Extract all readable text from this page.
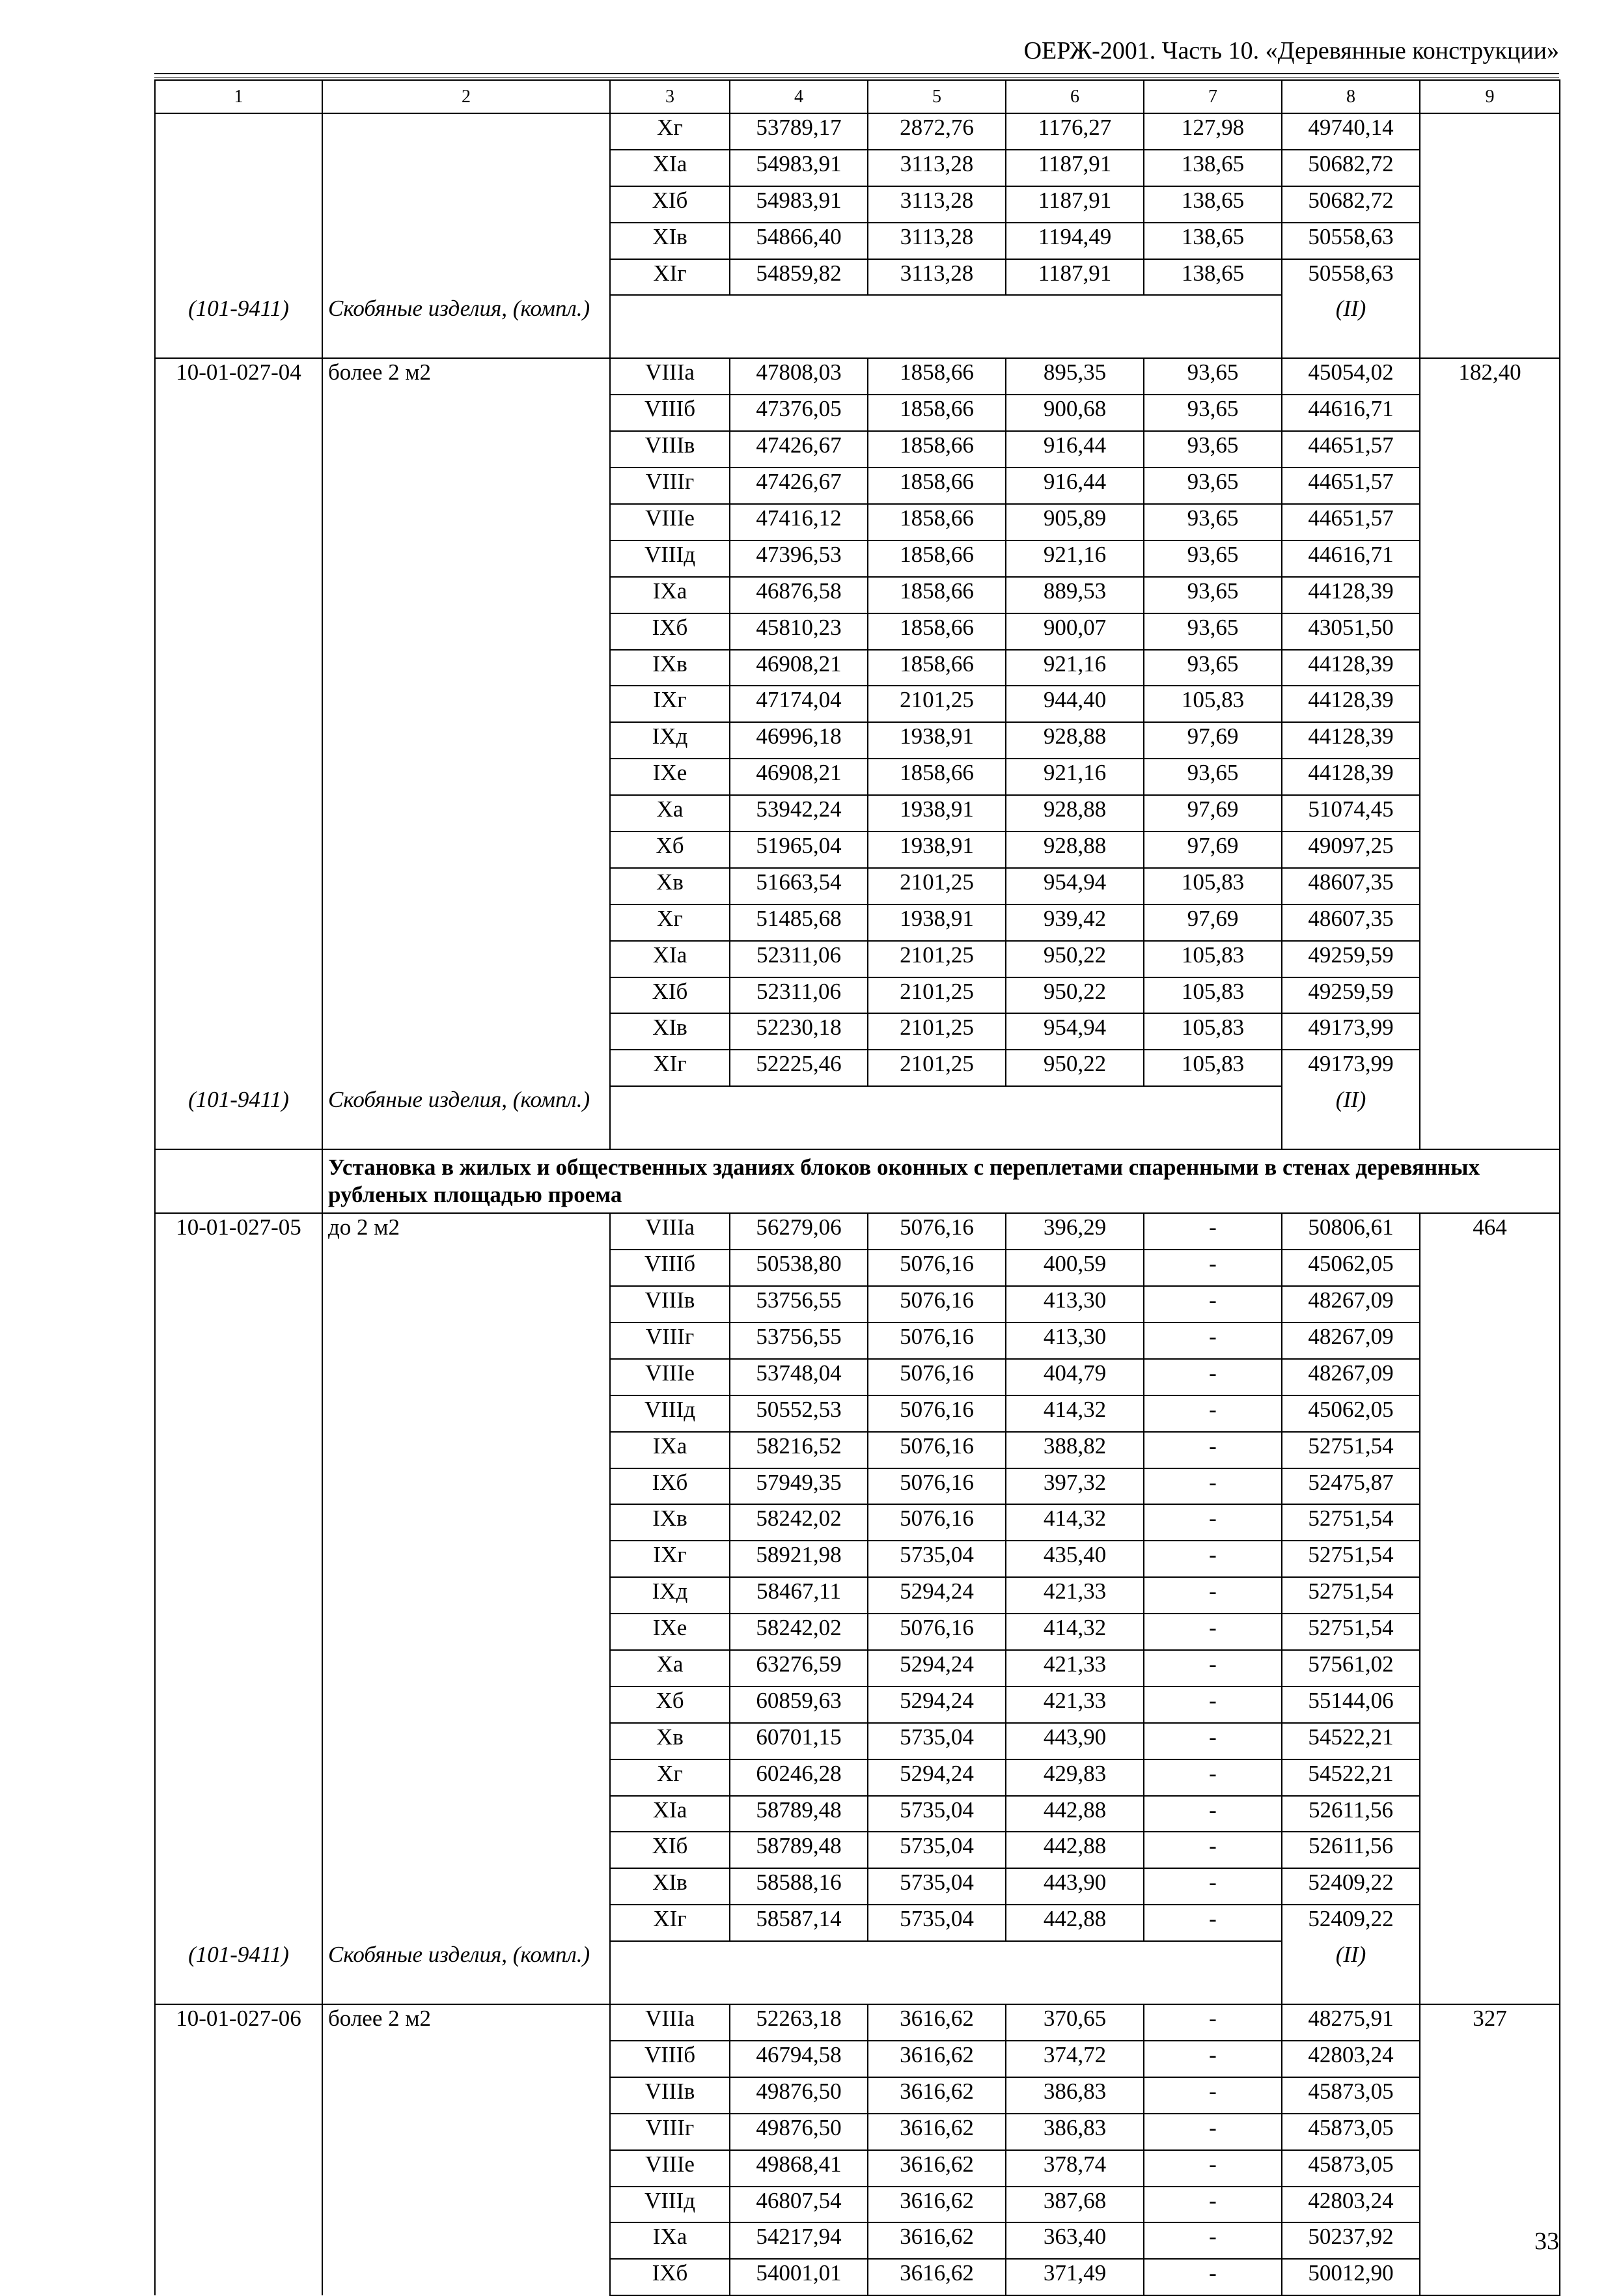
ОЕРЖ-2001. Часть 10. «Деревянные конструкции»
1	2	3	4	5	6	7	8	9
		Xг	53789,17	2872,76	1176,27	127,98	49740,14	
		XIа	54983,91	3113,28	1187,91	138,65	50682,72	
		XIб	54983,91	3113,28	1187,91	138,65	50682,72	
		XIв	54866,40	3113,28	1194,49	138,65	50558,63	
		XIг	54859,82	3113,28	1187,91	138,65	50558,63	
(101-9411)	Скобяные изделия, (компл.)						(II)	
10-01-027-04	более 2 м2	VIIIа	47808,03	1858,66	895,35	93,65	45054,02	182,40
		VIIIб	47376,05	1858,66	900,68	93,65	44616,71	
		VIIIв	47426,67	1858,66	916,44	93,65	44651,57	
		VIIIг	47426,67	1858,66	916,44	93,65	44651,57	
		VIIIе	47416,12	1858,66	905,89	93,65	44651,57	
		VIIIд	47396,53	1858,66	921,16	93,65	44616,71	
		IXа	46876,58	1858,66	889,53	93,65	44128,39	
		IXб	45810,23	1858,66	900,07	93,65	43051,50	
		IXв	46908,21	1858,66	921,16	93,65	44128,39	
		IXг	47174,04	2101,25	944,40	105,83	44128,39	
		IXд	46996,18	1938,91	928,88	97,69	44128,39	
		IXе	46908,21	1858,66	921,16	93,65	44128,39	
		Xа	53942,24	1938,91	928,88	97,69	51074,45	
		Xб	51965,04	1938,91	928,88	97,69	49097,25	
		Xв	51663,54	2101,25	954,94	105,83	48607,35	
		Xг	51485,68	1938,91	939,42	97,69	48607,35	
		XIа	52311,06	2101,25	950,22	105,83	49259,59	
		XIб	52311,06	2101,25	950,22	105,83	49259,59	
		XIв	52230,18	2101,25	954,94	105,83	49173,99	
		XIг	52225,46	2101,25	950,22	105,83	49173,99	
(101-9411)	Скобяные изделия, (компл.)						(II)	
	Установка в жилых и общественных зданиях блоков оконных с переплетами спаренными в стенах деревянных рубленых площадью проема							
10-01-027-05	до 2 м2	VIIIа	56279,06	5076,16	396,29	-	50806,61	464
		VIIIб	50538,80	5076,16	400,59	-	45062,05	
		VIIIв	53756,55	5076,16	413,30	-	48267,09	
		VIIIг	53756,55	5076,16	413,30	-	48267,09	
		VIIIе	53748,04	5076,16	404,79	-	48267,09	
		VIIIд	50552,53	5076,16	414,32	-	45062,05	
		IXа	58216,52	5076,16	388,82	-	52751,54	
		IXб	57949,35	5076,16	397,32	-	52475,87	
		IXв	58242,02	5076,16	414,32	-	52751,54	
		IXг	58921,98	5735,04	435,40	-	52751,54	
		IXд	58467,11	5294,24	421,33	-	52751,54	
		IXе	58242,02	5076,16	414,32	-	52751,54	
		Xа	63276,59	5294,24	421,33	-	57561,02	
		Xб	60859,63	5294,24	421,33	-	55144,06	
		Xв	60701,15	5735,04	443,90	-	54522,21	
		Xг	60246,28	5294,24	429,83	-	54522,21	
		XIа	58789,48	5735,04	442,88	-	52611,56	
		XIб	58789,48	5735,04	442,88	-	52611,56	
		XIв	58588,16	5735,04	443,90	-	52409,22	
		XIг	58587,14	5735,04	442,88	-	52409,22	
(101-9411)	Скобяные изделия, (компл.)						(II)	
10-01-027-06	более 2 м2	VIIIа	52263,18	3616,62	370,65	-	48275,91	327
		VIIIб	46794,58	3616,62	374,72	-	42803,24	
		VIIIв	49876,50	3616,62	386,83	-	45873,05	
		VIIIг	49876,50	3616,62	386,83	-	45873,05	
		VIIIе	49868,41	3616,62	378,74	-	45873,05	
		VIIIд	46807,54	3616,62	387,68	-	42803,24	
		IXа	54217,94	3616,62	363,40	-	50237,92	
		IXб	54001,01	3616,62	371,49	-	50012,90	
33
